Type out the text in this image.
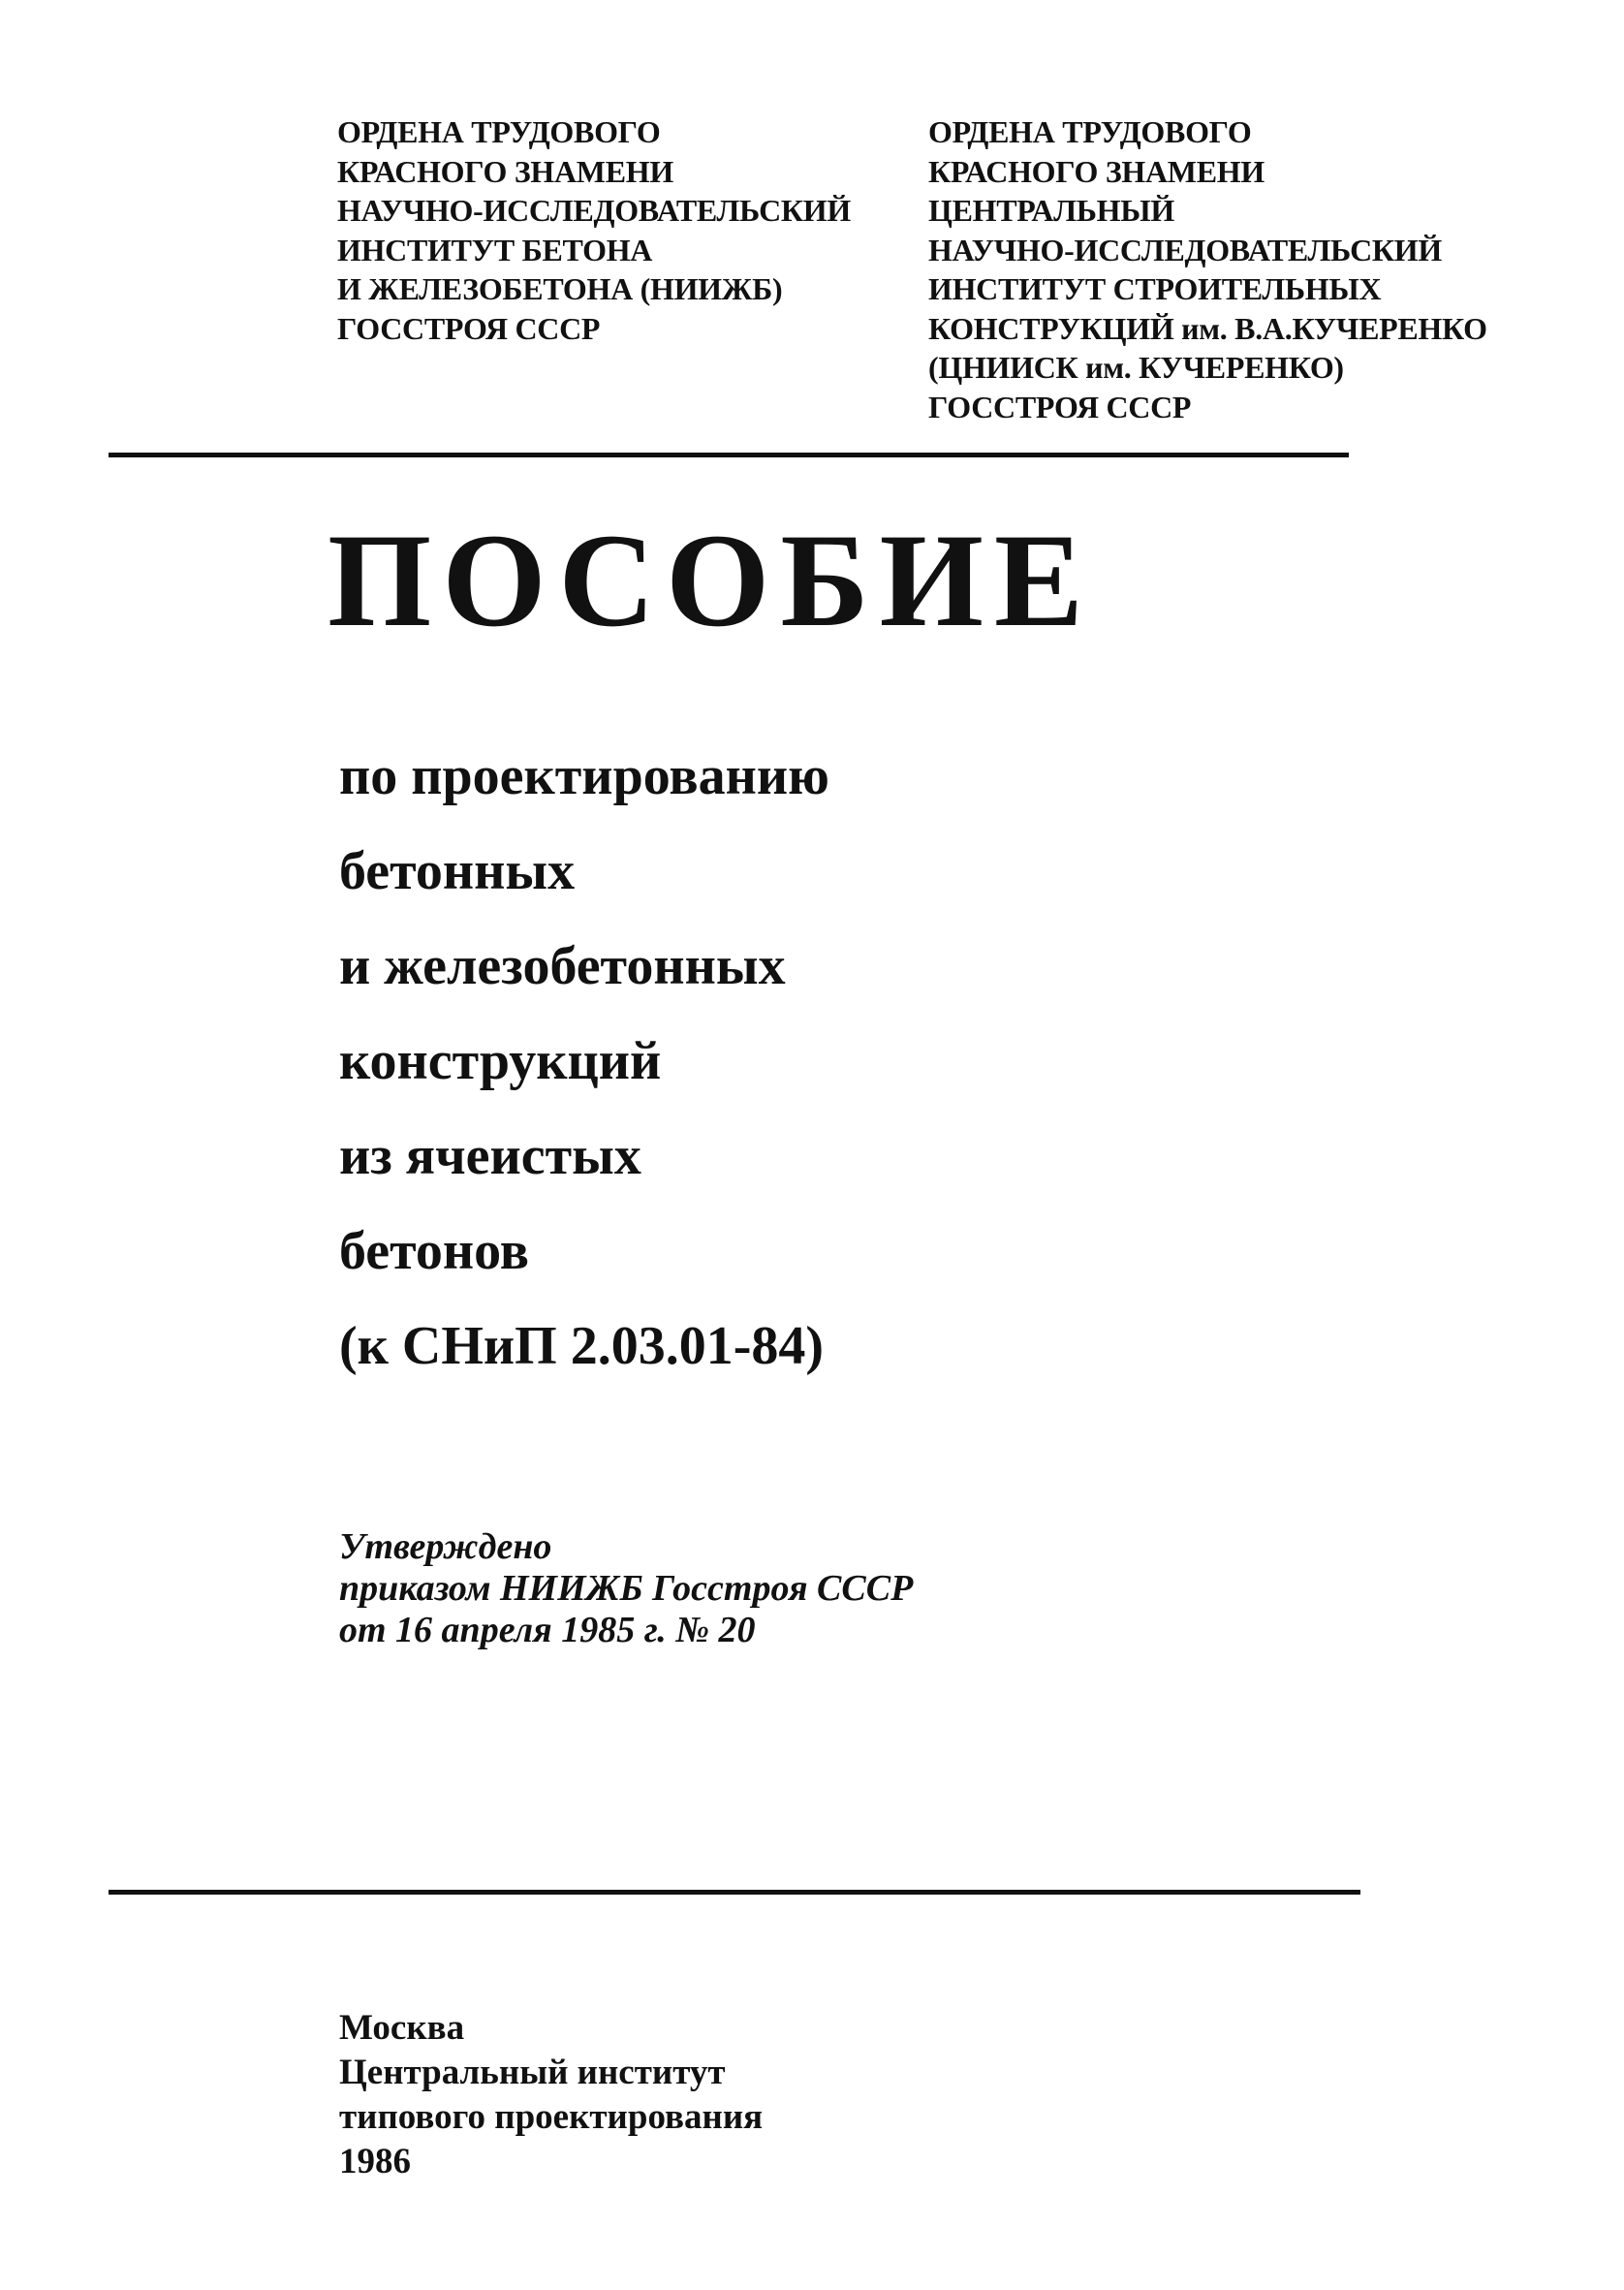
ОРДЕНА ТРУДОВОГО
КРАСНОГО ЗНАМЕНИ
НАУЧНО-ИССЛЕДОВАТЕЛЬСКИЙ
ИНСТИТУТ БЕТОНА
И ЖЕЛЕЗОБЕТОНА (НИИЖБ)
ГОССТРОЯ СССР
ОРДЕНА ТРУДОВОГО
КРАСНОГО ЗНАМЕНИ
ЦЕНТРАЛЬНЫЙ
НАУЧНО-ИССЛЕДОВАТЕЛЬСКИЙ
ИНСТИТУТ СТРОИТЕЛЬНЫХ
КОНСТРУКЦИЙ им. В.А.КУЧЕРЕНКО
(ЦНИИСК им. КУЧЕРЕНКО)
ГОССТРОЯ СССР
ПОСОБИЕ
по проектированию
бетонных
и железобетонных
конструкций
из ячеистых
бетонов
(к СНиП 2.03.01-84)
Утверждено
приказом НИИЖБ Госстроя СССР
от 16 апреля 1985 г. № 20
Москва
Центральный институт
типового проектирования
1986
